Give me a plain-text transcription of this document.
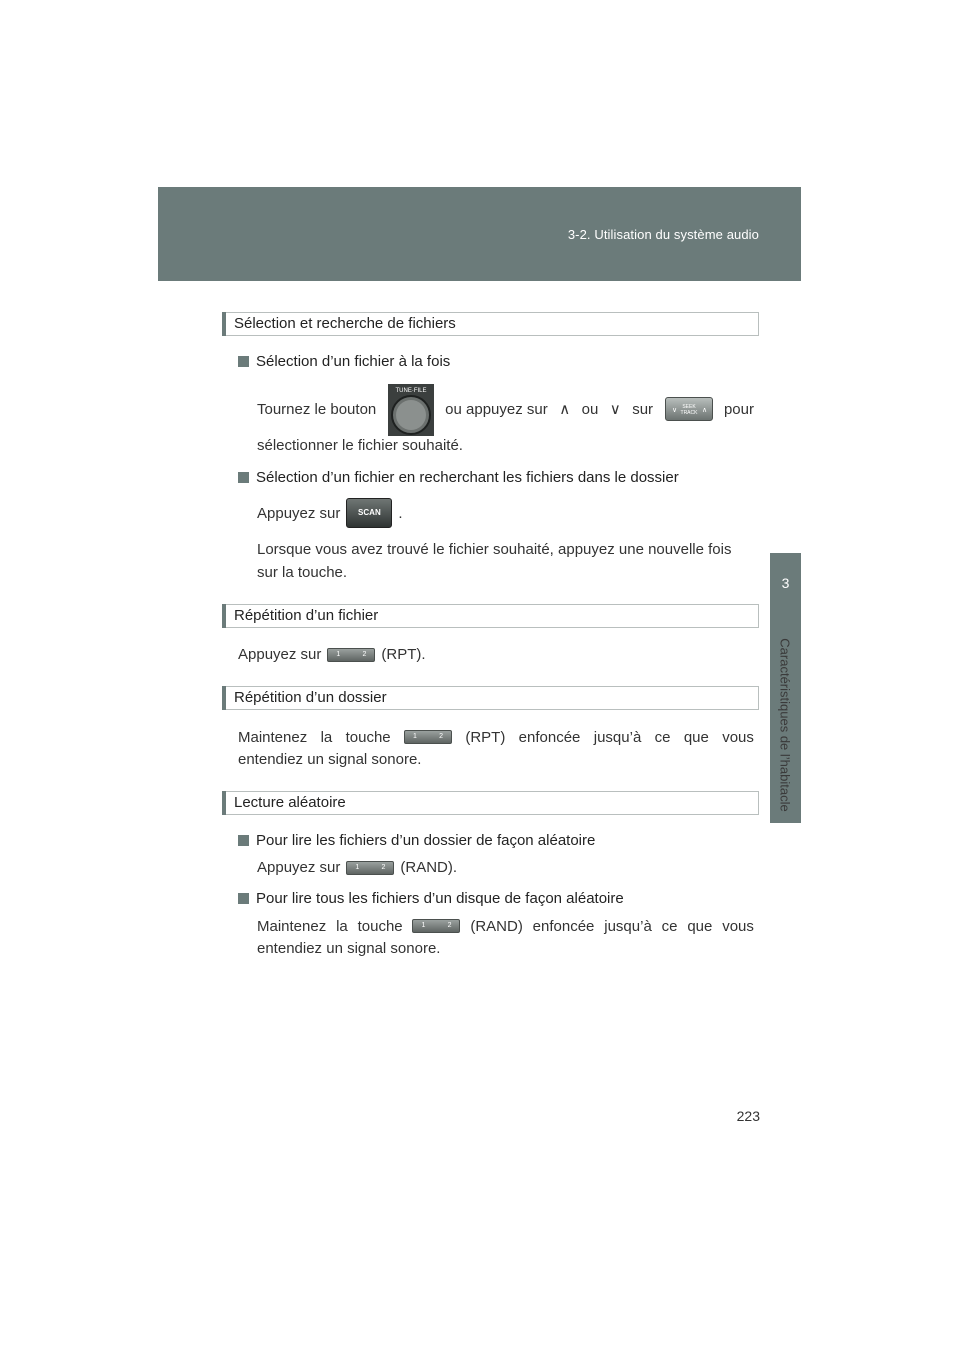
3-2. Utilisation du système audio
3
Caractéristiques de l’habitacle
Sélection et recherche de fichiers
Sélection d’un fichier à la fois
Tournez le bouton
TUNE·FILE
ou appuyez sur ∧ ou ∨ sur	∨	∧
SEEK
TRACK pour
sélectionner le fichier souhaité.
Sélection d’un fichier en recherchant les fichiers dans le dossier
Appuyez sur	SCAN	.
Lorsque vous avez trouvé le fichier souhaité, appuyez une nouvelle fois
sur la touche.
Répétition d’un fichier
Appuyez sur 1	2 (RPT).
Répétition d’un dossier
Maintenez la touche	1	2 (RPT) enfoncée jusqu’à ce que vous
entendiez un signal sonore.
Lecture aléatoire
Pour lire les fichiers d’un dossier de façon aléatoire
Appuyez sur 1	2 (RAND).
Pour lire tous les fichiers d’un disque de façon aléatoire
Maintenez la touche	1	2 (RAND) enfoncée jusqu’à ce que vous
entendiez un signal sonore.
223
